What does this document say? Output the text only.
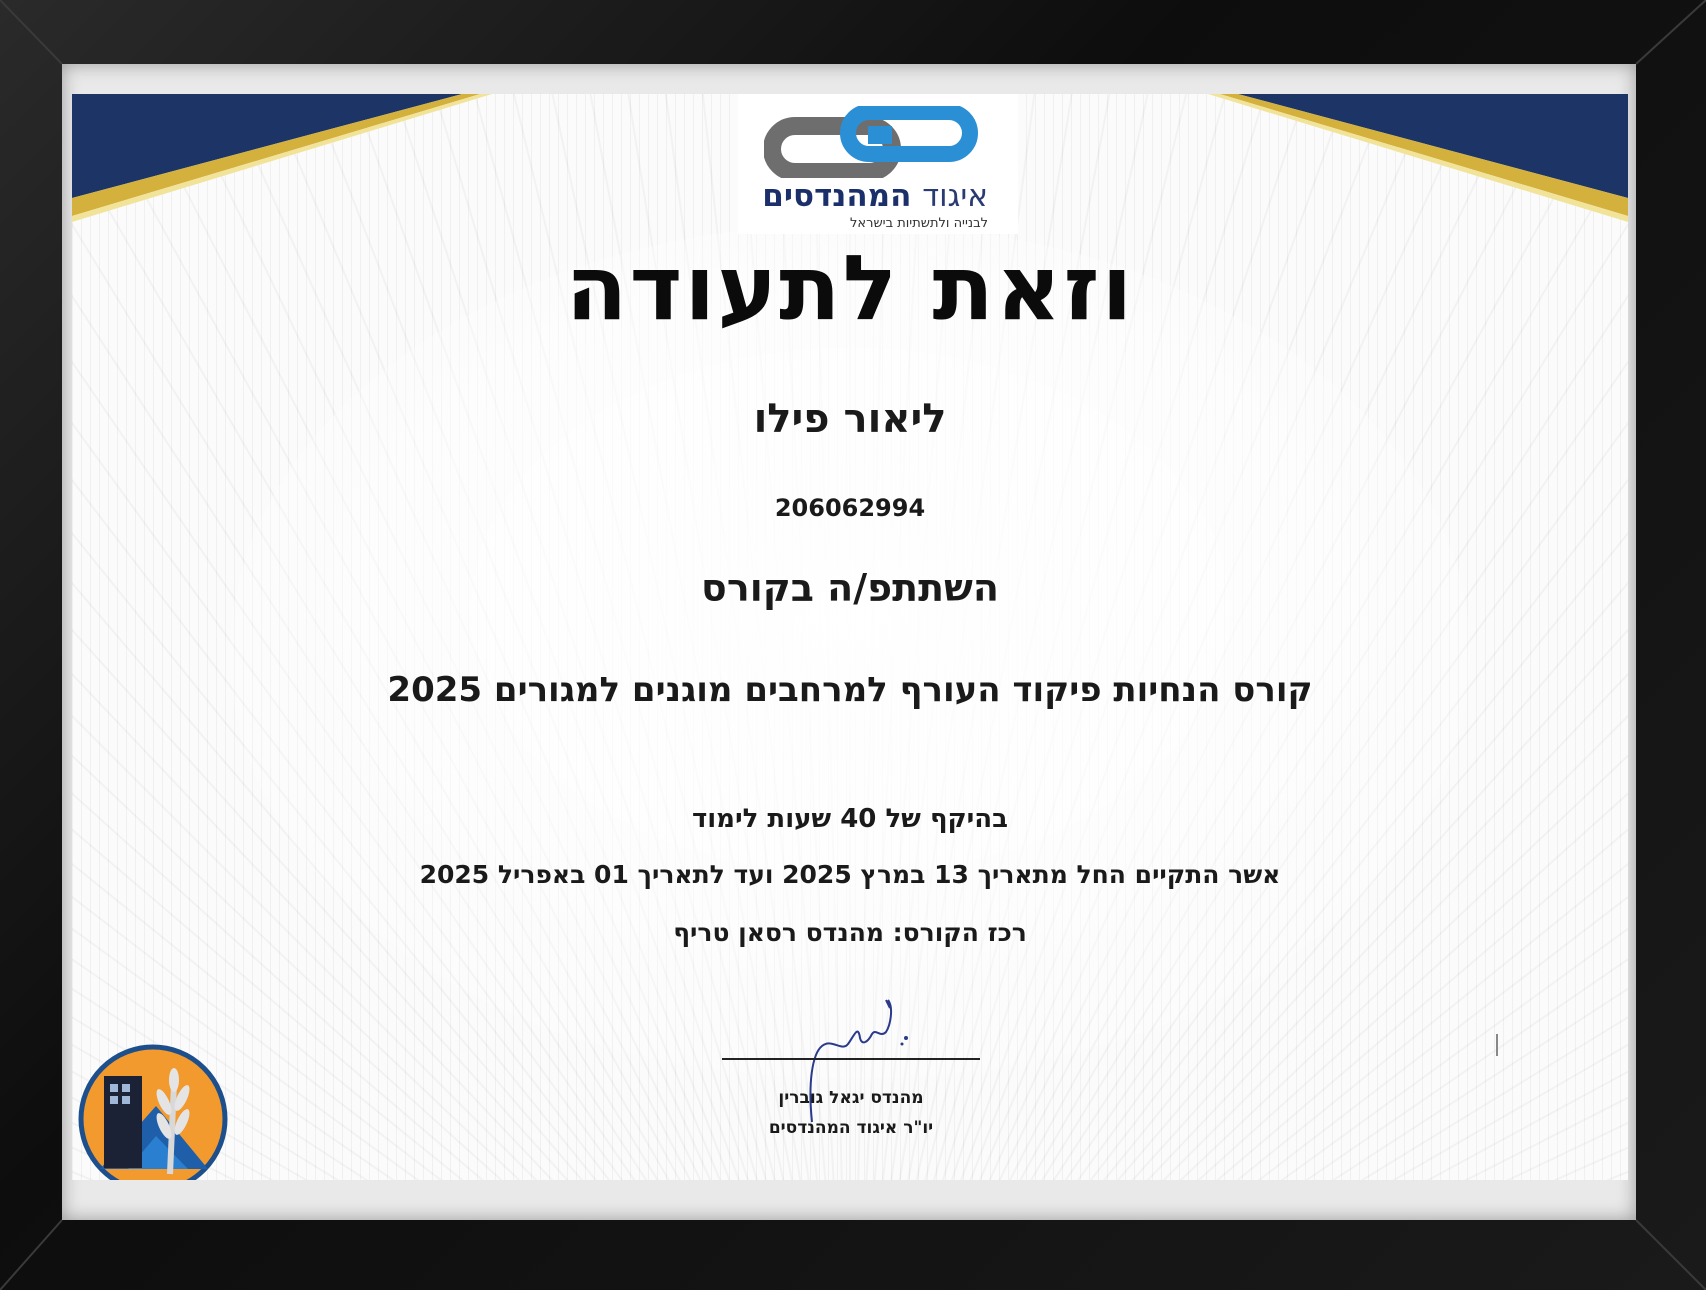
איגוד המהנדסים
לבנייה ולתשתיות בישראל
וזאת לתעודה
ליאור פילו
206062994
השתתפ/ה בקורס
קורס הנחיות פיקוד העורף למרחבים מוגנים למגורים 2025
בהיקף של 40 שעות לימוד
אשר התקיים החל מתאריך 13 במרץ 2025 ועד לתאריך 01 באפריל 2025
רכז הקורס: מהנדס רסאן טריף
מהנדס יגאל גוברין
יו"ר איגוד המהנדסים
